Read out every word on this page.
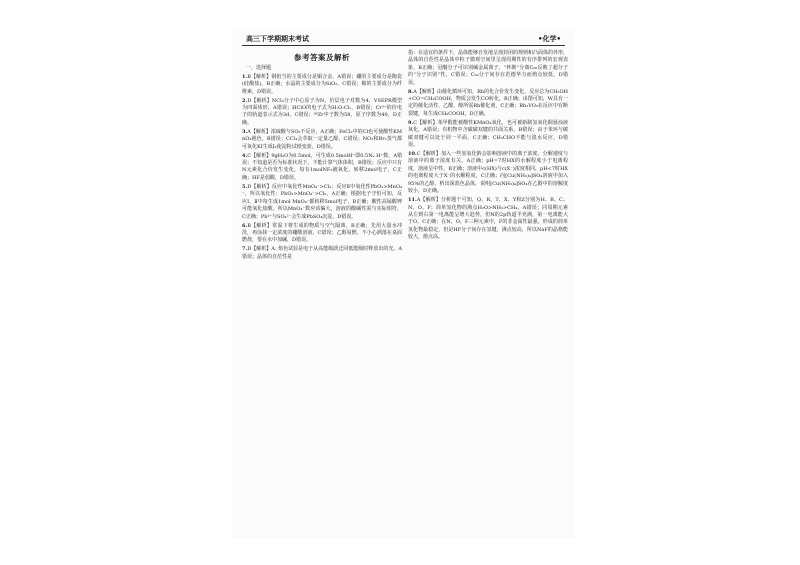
高三下学期期末考试	•化学•
参考答案及解析
一、选择题
1.B【解析】钢铝当的主要成分是铜合金，A错误；硼的主要成分是陶瓷(硅酸盐)，B正确；水晶的主要成分为SiO₂，C错误；棉的主要成分为纤维素，D错误。
2.D【解析】NCl₃分子中心原子为N，价层电子对数为4，VSEPR模型为四面体形，A错误；HClO的电子式为H:O:Cl:，B错误；Cr³⁺的价电子的轨道表示式为3d，C错误；⁹⁸Zr中子数为58，原子序数为40，D正确。
3.A【解析】浓硫酸与SO₂不反应，A正确；FeCl₂中的Cl也可使酸性KMnO₄褪色，B错误；CCl₄会萃取一定量乙醇，C错误；NO₂和Br₂蒸气都可氧化KI生成I₂使淀粉试纸变蓝，D错误。
4.C【解析】9gH₂O为0.5mol，可生成0.5molH⁺即0.5Nₐ H⁺数，A错误；不知道是否为标准状况下，不能计算气体体积，B错误；反应中只有N元素化合价发生变化，每有1molNF₃被氧化，转移2mol电子，C正确；HF是弱酸，D错误。
5.D【解析】反应中氧化性MnO₄⁻>Cl₂；反应Ⅱ中氧化性PbO₂>MnO₄⁻，所以氧化性：PbO₂>MnO₄⁻>Cl₂，A正确；根据电子守恒可知，反应Ⅰ、Ⅱ中每生成1mol MnO₄⁻都转移5mol电子，B正确；酸性高锰酸钾可能氧化盐酸，所以MnO₄⁻数应该偏大，溶液的酸碱性需与实际相符，C正确；Pb²⁺与SO₄²⁻会生成PbSO₄沉淀，D错误。
6.B【解析】常温下将生成的物质与空气隔离，B正确；先用大量水冲洗，再涂抹一定浓度的硼酸溶液，C错误；乙醇易燃，不小心洒落在桌面燃烧，要在水中加碱，D错误。
7.D【解析】A. 焰色试验是电子从高能级跃迁回低能级时释放出的光，A错误；晶体的自范性是
指：在适宜的条件下，晶体能够自发地呈现封闭的规则和凸面体的外形，晶体的自范性是晶体中粒子微观空间里呈现周期性的有序排列的宏观表象，B正确；冠醚分子可识别碱金属离子，“杯酚”分离C₆₀反映了超分子的“分子识别”性，C错误；C₆₀分子间存在范德华力而熔点较低，D错误。
8.A【解析】由催化循环可知，Rh的化合价发生变化，反应总为CH₃OH+CO=CH₃COOH，物质会发生CO转化，B正确；由图可知，W具有一定的催化活性，乙酸、醇所需Rh催化剂，C正确；Rh₂VO₃在反应中有断裂键，每生成CH₃COOH，D正确。
9.C【解析】苯甲醛能被酸性KMnO₄氧化，也可被新制氢氧化铜悬浊液氧化，A错误；有机物中含碳碳双键的共面关系，B错误；由于苯环与碳碳双键可以处于同一平面，C正确；CH₃CHO不能与溴水反应，D错误。
10.C【解析】加入一些氢氧化钠会影响溶液中的离子浓度，分解速度与溶液中的离子浓度有关，A正确；pH=7时HX的水解程度小于电离程度，溶液呈中性，B正确；溶液中c(HX)与c(X⁻)浓度相同，pH<7时HX的电离程度大于X⁻的水解程度，C正确；向[Cu(NH₃)₄]SO₄溶液中加入95%的乙醇，析出深蓝色晶体，说明[Cu(NH₃)₄]SO₄在乙醇中的溶解度较小，D正确。
11.A【解析】分析题干可知，Q、R、T、X、Y和Z分别为H、B、C、N、O、F；简单氢化物的沸点H₂O>NH₃>CH₄，A错误；同周期元素从左到右第一电离能呈增大趋势，但N的2p轨道半充满，第一电离能大于O，C正确；在N、O、F三种元素中，F的非金属性最强，形成的简单氢化物最稳定，但是HF分子间存在氢键，沸点较高，所以NaF的晶格能较大，熔点高。
